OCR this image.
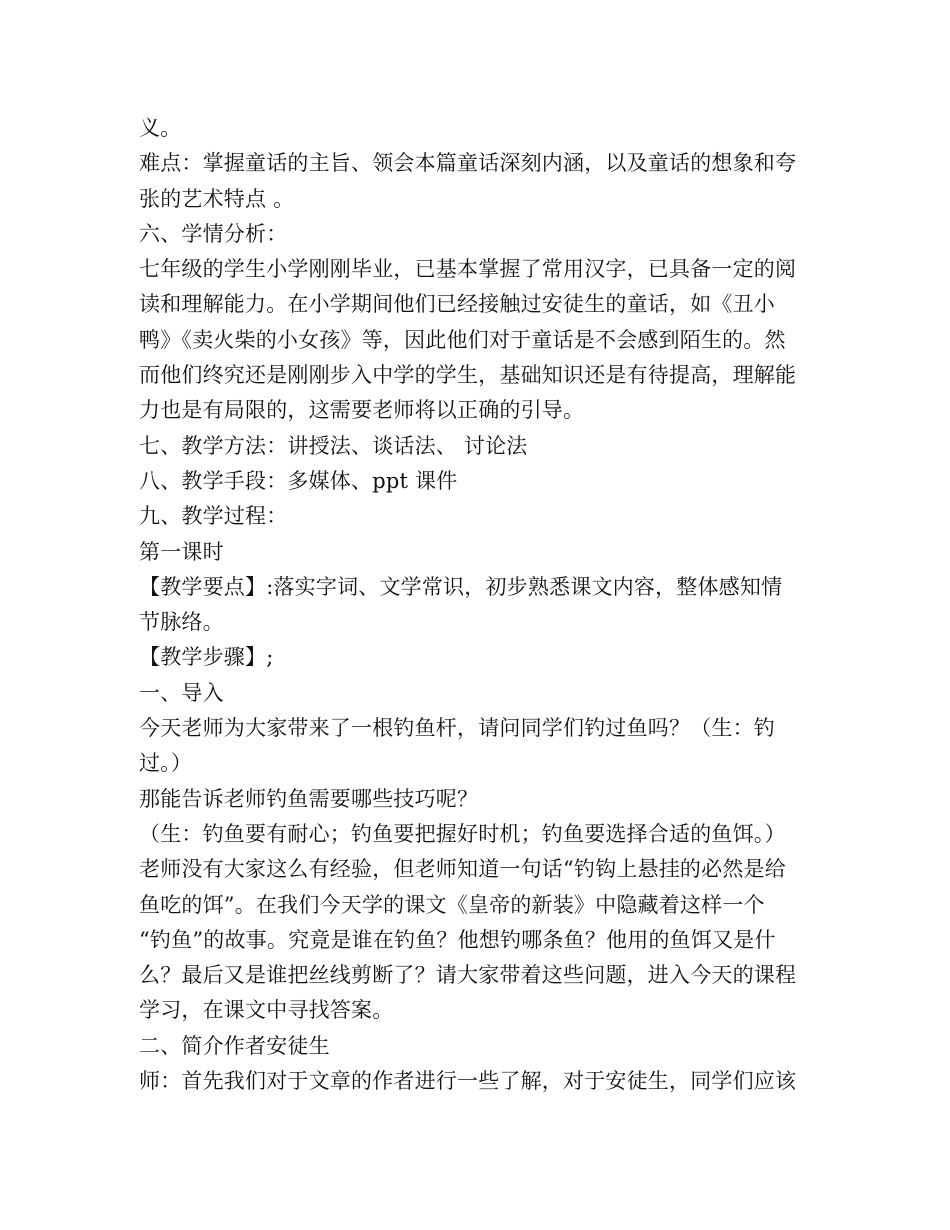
义。
难点：掌握童话的主旨、领会本篇童话深刻内涵，以及童话的想象和夸
张的艺术特点 。
六、学情分析：
七年级的学生小学刚刚毕业，已基本掌握了常用汉字，已具备一定的阅
读和理解能力。在小学期间他们已经接触过安徒生的童话，如《丑小
鸭》《卖火柴的小女孩》等，因此他们对于童话是不会感到陌生的。然
而他们终究还是刚刚步入中学的学生，基础知识还是有待提高，理解能
力也是有局限的，这需要老师将以正确的引导。
七、教学方法：讲授法、谈话法、 讨论法
八、教学手段：多媒体、ppt 课件
九、教学过程：
第一课时
【教学要点】:落实字词、文学常识，初步熟悉课文内容，整体感知情
节脉络。
【教学步骤】;
一、导入
今天老师为大家带来了一根钓鱼杆，请问同学们钓过鱼吗？（生：钓
过。）
那能告诉老师钓鱼需要哪些技巧呢？
（生：钓鱼要有耐心；钓鱼要把握好时机；钓鱼要选择合适的鱼饵。）
老师没有大家这么有经验，但老师知道一句话“钓钩上悬挂的必然是给
鱼吃的饵”。在我们今天学的课文《皇帝的新装》中隐藏着这样一个
“钓鱼”的故事。究竟是谁在钓鱼？他想钓哪条鱼？他用的鱼饵又是什
么？最后又是谁把丝线剪断了？请大家带着这些问题，进入今天的课程
学习，在课文中寻找答案。
二、简介作者安徒生
师：首先我们对于文章的作者进行一些了解，对于安徒生，同学们应该
